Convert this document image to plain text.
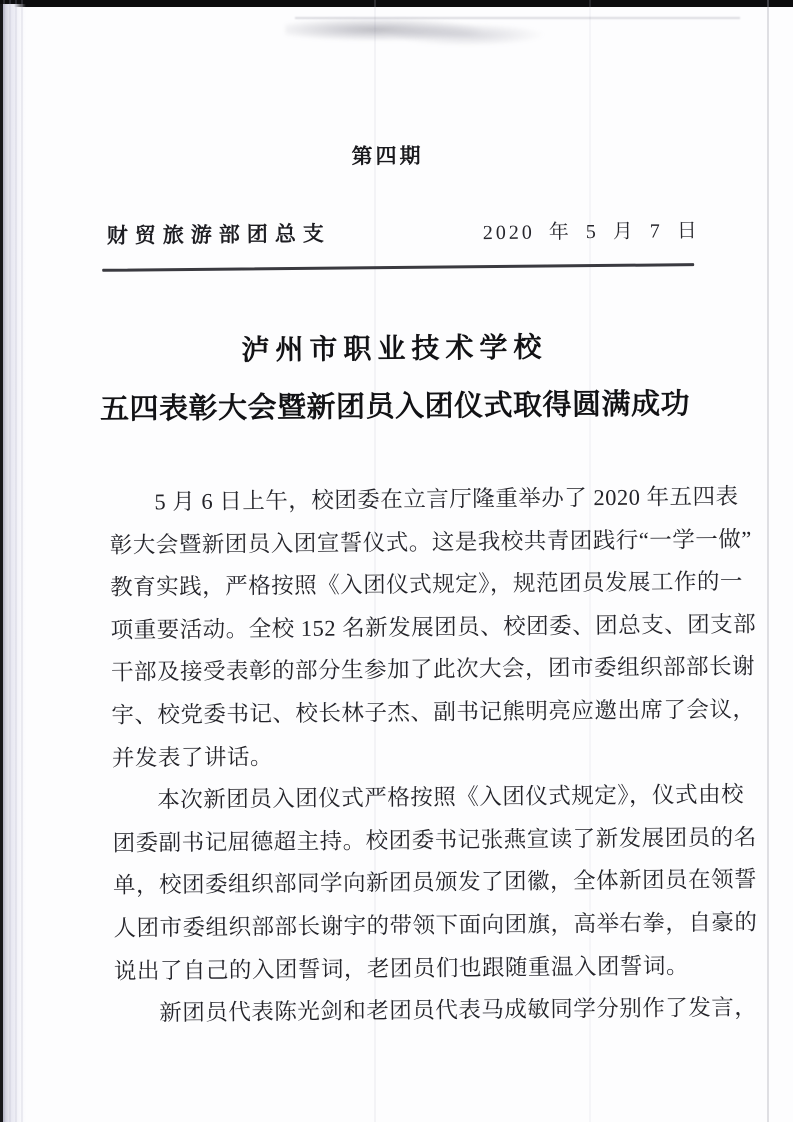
第四期
财贸旅游部团总支	2020 年 5 月 7 日
泸州市职业技术学校
五四表彰大会暨新团员入团仪式取得圆满成功
5 月 6 日上午，校团委在立言厅隆重举办了 2020 年五四表
彰大会暨新团员入团宣誓仪式。这是我校共青团践行“一学一做”
教育实践，严格按照《入团仪式规定》，规范团员发展工作的一
项重要活动。全校 152 名新发展团员、校团委、团总支、团支部
干部及接受表彰的部分生参加了此次大会，团市委组织部部长谢
宇、校党委书记、校长林子杰、副书记熊明亮应邀出席了会议，
并发表了讲话。
本次新团员入团仪式严格按照《入团仪式规定》，仪式由校
团委副书记屈德超主持。校团委书记张燕宣读了新发展团员的名
单，校团委组织部同学向新团员颁发了团徽，全体新团员在领誓
人团市委组织部部长谢宇的带领下面向团旗，高举右拳，自豪的
说出了自己的入团誓词，老团员们也跟随重温入团誓词。
新团员代表陈光剑和老团员代表马成敏同学分别作了发言，
